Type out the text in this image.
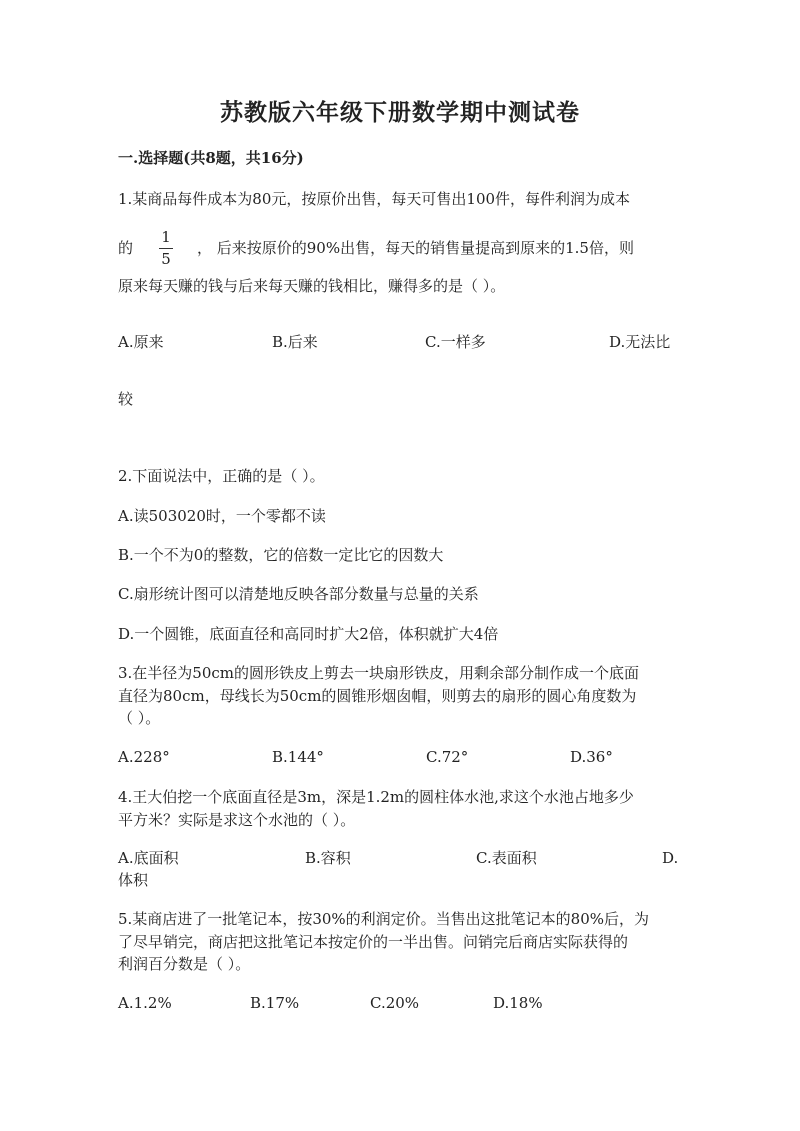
苏教版六年级下册数学期中测试卷
一.选择题(共8题，共16分)
1.某商品每件成本为80元，按原价出售，每天可售出100件，每件利润为成本
的
1
5
， 后来按原价的90%出售，每天的销售量提高到原来的1.5倍，则
原来每天赚的钱与后来每天赚的钱相比，赚得多的是（ ）。
A.原来	B.后来	C.一样多	D.无法比
较
2.下面说法中，正确的是（ ）。
A.读503020时，一个零都不读
B.一个不为0的整数，它的倍数一定比它的因数大
C.扇形统计图可以清楚地反映各部分数量与总量的关系
D.一个圆锥，底面直径和高同时扩大2倍，体积就扩大4倍
3.在半径为50cm的圆形铁皮上剪去一块扇形铁皮，用剩余部分制作成一个底面
直径为80cm，母线长为50cm的圆锥形烟囱帽，则剪去的扇形的圆心角度数为
（ ）。
A.228°	B.144°	C.72°	D.36°
4.王大伯挖一个底面直径是3m，深是1.2m的圆柱体水池,求这个水池占地多少
平方米？实际是求这个水池的（ ）。
A.底面积	B.容积	C.表面积	D.
体积
5.某商店进了一批笔记本，按30%的利润定价。当售出这批笔记本的80%后，为
了尽早销完，商店把这批笔记本按定价的一半出售。问销完后商店实际获得的
利润百分数是（ ）。
A.1.2%	B.17%	C.20%	D.18%
